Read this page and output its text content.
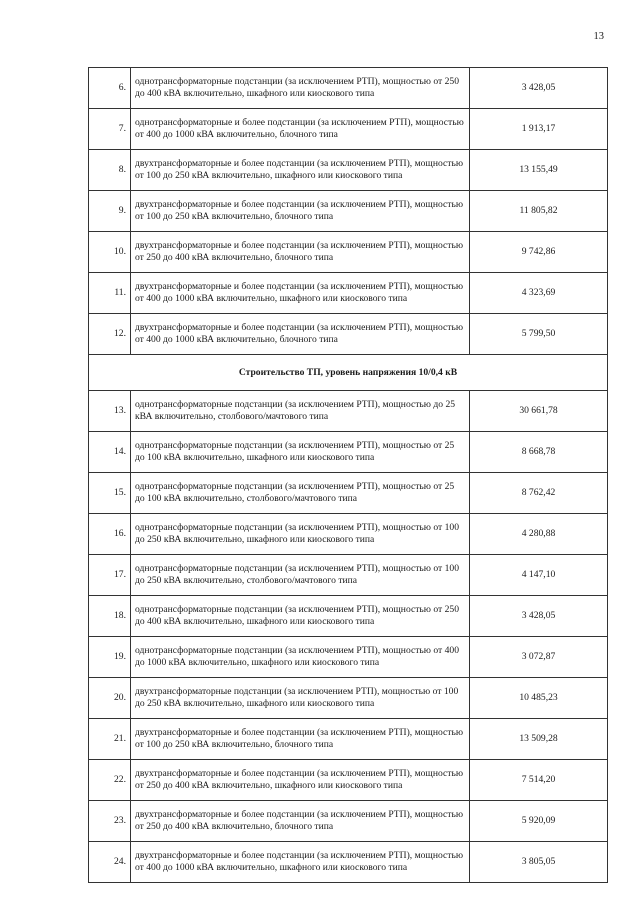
13
6.	однотрансформаторные подстанции (за исключением РТП), мощностью от 250 до 400 кВА включительно, шкафного или киоскового типа	3 428,05
7.	однотрансформаторные и более подстанции (за исключением РТП), мощностью от 400 до 1000 кВА включительно, блочного типа	1 913,17
8.	двухтрансформаторные и более подстанции (за исключением РТП), мощностью от 100 до 250 кВА включительно, шкафного или киоскового типа	13 155,49
9.	двухтрансформаторные и более подстанции (за исключением РТП), мощностью от 100 до 250 кВА включительно, блочного типа	11 805,82
10.	двухтрансформаторные и более подстанции (за исключением РТП), мощностью от 250 до 400 кВА включительно, блочного типа	9 742,86
11.	двухтрансформаторные и более подстанции (за исключением РТП), мощностью от 400 до 1000 кВА включительно, шкафного или киоскового типа	4 323,69
12.	двухтрансформаторные и более подстанции (за исключением РТП), мощностью от 400 до 1000 кВА включительно, блочного типа	5 799,50
Строительство ТП, уровень напряжения 10/0,4 кВ		
13.	однотрансформаторные подстанции (за исключением РТП), мощностью до 25 кВА включительно, столбового/мачтового типа	30 661,78
14.	однотрансформаторные подстанции (за исключением РТП), мощностью от 25 до 100 кВА включительно, шкафного или киоскового типа	8 668,78
15.	однотрансформаторные подстанции (за исключением РТП), мощностью от 25 до 100 кВА включительно, столбового/мачтового типа	8 762,42
16.	однотрансформаторные подстанции (за исключением РТП), мощностью от 100 до 250 кВА включительно, шкафного или киоскового типа	4 280,88
17.	однотрансформаторные подстанции (за исключением РТП), мощностью от 100 до 250 кВА включительно, столбового/мачтового типа	4 147,10
18.	однотрансформаторные подстанции (за исключением РТП), мощностью от 250 до 400 кВА включительно, шкафного или киоскового типа	3 428,05
19.	однотрансформаторные подстанции (за исключением РТП), мощностью от 400 до 1000 кВА включительно, шкафного или киоскового типа	3 072,87
20.	двухтрансформаторные подстанции (за исключением РТП), мощностью от 100 до 250 кВА включительно, шкафного или киоскового типа	10 485,23
21.	двухтрансформаторные и более подстанции (за исключением РТП), мощностью от 100 до 250 кВА включительно, блочного типа	13 509,28
22.	двухтрансформаторные и более подстанции (за исключением РТП), мощностью от 250 до 400 кВА включительно, шкафного или киоскового типа	7 514,20
23.	двухтрансформаторные и более подстанции (за исключением РТП), мощностью от 250 до 400 кВА включительно, блочного типа	5 920,09
24.	двухтрансформаторные и более подстанции (за исключением РТП), мощностью от 400 до 1000 кВА включительно, шкафного или киоскового типа	3 805,05
